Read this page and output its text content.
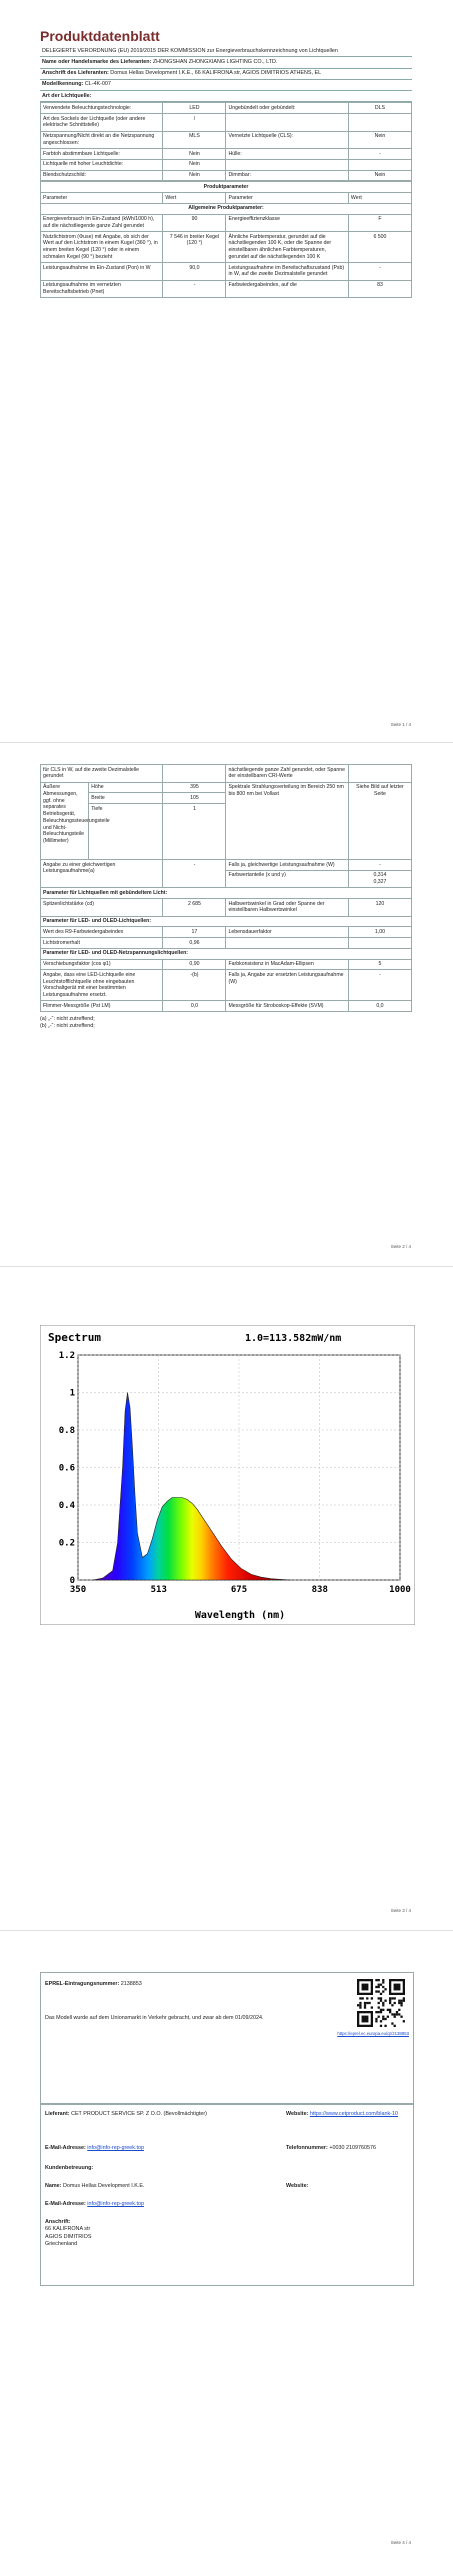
Produktdatenblatt
DELEGIERTE VERORDNUNG (EU) 2019/2015 DER KOMMISSION zur Energieverbrauchskennzeichnung von Lichtquellen
Name oder Handelsmarke des Lieferanten: ZHONGSHAN ZHONGXIANG LIGHTING CO., LTD.
Anschrift des Lieferanten: Domus Hellas Development I.K.E., 66 KALIFRONA str, AGIOS DIMITRIOS ATHENS, EL
Modellkennung: CL-4K-007
Art der Lichtquelle:
Verwendete Beleuchtungstechnologie:	LED	Ungebündelt oder gebündelt:	DLS
Art des Sockels der Lichtquelle (oder andere elektrische Schnittstelle)	/		
Netzspannung/Nicht direkt an die Netzspannung angeschlossen:	MLS	Vernetzte Lichtquelle (CLS):	Nein
Farbtoh abstimmbare Lichtquelle:	Nein	Hülle:	-
Lichtquelle mit hoher Leuchtdichte:	Nein		
Blendschutzschild:	Nein	Dimmbar:	Nein
Produktparameter			
Parameter	Wert	Parameter	Wert
Allgemeine Produktparameter:			
Energieverbrauch im Ein-Zustand (kWh/1000 h), auf die nächstliegende ganze Zahl gerundet	90	Energieeffizienzklasse	F
Nutzlichtstrom (Φuse) mit Angabe, ob sich der Wert auf den Lichtstrom in einem Kugel (360 °), in einem breiten Kegel (120 °) oder in einem schmalen Kegel (90 °) bezieht	7 546 in breiter Kegel (120 °)	Ähnliche Farbtemperatur, gerundet auf die nächstliegenden 100 K, oder die Spanne der einstellbaren ähnlichen Farbtemperaturen, gerundet auf die nächstliegenden 100 K	6 500
Leistungsaufnahme im Ein-Zustand (Pon) in W	90,0	Leistungsaufnahme im Bereitschaftszustand (Psb) in W, auf die zweite Dezimalstelle gerundet	-
Leistungsaufnahme im vernetzten Bereitschaftsbetrieb (Pnet)	-	Farbwiedergabeindex, auf die	83
Seite 1 / 4
für CLS in W, auf die zweite Dezimalstelle gerundet			nächstliegende ganze Zahl gerundet, oder Spanne der einstellbaren CRI-Werte	
Äußere Abmessungen, ggf. ohne separates Betriebsgerät, Beleuchtungssteuerungsteile und Nicht-Beleuchtungsteile (Millimeter)	Höhe	395	Spektrale Strahlungsverteilung im Bereich 250 nm bis 800 nm bei Vollast	Siehe Bild auf letzter Seite
	Breite	105		
	Tiefe	1		
Angabe zu einer gleichwertigen Leistungsaufnahme(a)		-	Falls ja, gleichwertige Leistungsaufnahme (W)	-
			Farbwertanteile (x und y)	0,314
0,327
Parameter für Lichtquellen mit gebündeltem Licht:				
Spitzenlichtstärke (cd)		2 685	Halbwertswinkel in Grad oder Spanne der einstellbaren Halbwertswinkel	120
Parameter für LED- und OLED-Lichtquellen:				
Wert des R9-Farbwiedergabeindex		17	Lebensdauerfaktor	1,00
Lichtstromerhalt		0,96		
Parameter für LED- und OLED-Netzspannungslichtquellen:				
Verschiebungsfaktor (cos φ1)		0,90	Farbkonsistenz in MacAdam-Ellipsen	5
Angabe, dass eine LED-Lichtquelle eine Leuchtstofflichtquelle ohne eingebauten Vorschaltgerät mit einer bestimmten Leistungsaufnahme ersetzt.		-(b)	Falls ja, Angabe zur ersetzten Leistungsaufnahme (W)	-
Flimmer-Messgröße (Pst LM)		0,0	Messgröße für Stroboskop-Effekte (SVM)	0,0
(a) „-“: nicht zutreffend;
(b) „-“: nicht zutreffend;
Seite 2 / 4
Seite 3 / 4
0
0.2
0.4
0.6
0.8
1
1.2
350	513	675	838	1000
Spectrum	1.0=113.582mW/nm
Wavelength (nm)
EPREL-Eintragungsnummer: 2138853
Das Modell wurde auf dem Unionsmarkt in Verkehr gebracht, und zwar ab dem 01/09/2024.
https://eprel.ec.europa.eu/qr/2138853
Lieferant: CET PRODUCT SERVICE SP. Z O.O. (Bevollmächtigter)	Website: https://www.cetproduct.com/blank-10
E-Mail-Adresse: info@info-rep-greek.top	Telefonnummer: +0030 2109760576
Kundenbetreuung:
Name: Domus Hellas Development I.K.E.	Website:
E-Mail-Adresse: info@info-rep-greek.top
Anschrift:
66 KALIFRONA str
AGIOS DIMITRIOS
Griechenland
Seite 4 / 4
